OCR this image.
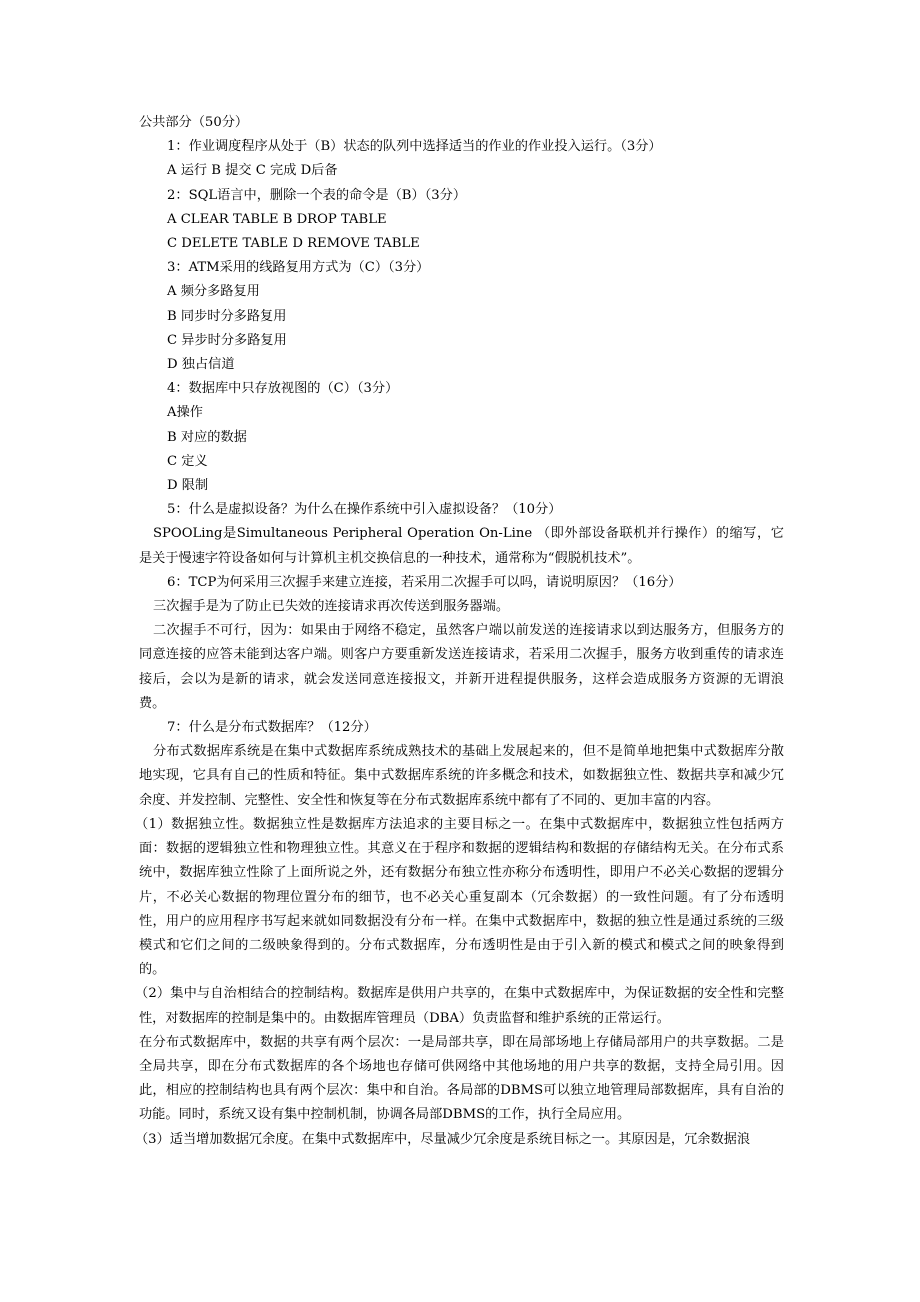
公共部分（50分）

1：作业调度程序从处于（B）状态的队列中选择适当的作业的作业投入运行。（3分）

A 运行 B 提交 C 完成 D后备

2：SQL语言中，删除一个表的命令是（B）（3分）

A CLEAR TABLE B DROP TABLE

C DELETE TABLE D REMOVE TABLE

3：ATM采用的线路复用方式为（C）（3分）

A 频分多路复用

B 同步时分多路复用

C 异步时分多路复用

D 独占信道

4：数据库中只存放视图的（C）（3分）

A操作

B 对应的数据

C 定义

D 限制

5：什么是虚拟设备？为什么在操作系统中引入虚拟设备？（10分）

SPOOLing是Simultaneous Peripheral Operation On-Line （即外部设备联机并行操作）的缩写，它是关于慢速字符设备如何与计算机主机交换信息的一种技术，通常称为“假脱机技术”。

6：TCP为何采用三次握手来建立连接，若采用二次握手可以吗，请说明原因？（16分）

三次握手是为了防止已失效的连接请求再次传送到服务器端。

二次握手不可行，因为：如果由于网络不稳定，虽然客户端以前发送的连接请求以到达服务方，但服务方的同意连接的应答未能到达客户端。则客户方要重新发送连接请求，若采用二次握手，服务方收到重传的请求连接后，会以为是新的请求，就会发送同意连接报文，并新开进程提供服务，这样会造成服务方资源的无谓浪费。

7：什么是分布式数据库？（12分）

分布式数据库系统是在集中式数据库系统成熟技术的基础上发展起来的，但不是简单地把集中式数据库分散地实现，它具有自己的性质和特征。集中式数据库系统的许多概念和技术，如数据独立性、数据共享和减少冗余度、并发控制、完整性、安全性和恢复等在分布式数据库系统中都有了不同的、更加丰富的内容。

（1）数据独立性。数据独立性是数据库方法追求的主要目标之一。在集中式数据库中，数据独立性包括两方面：数据的逻辑独立性和物理独立性。其意义在于程序和数据的逻辑结构和数据的存储结构无关。在分布式系统中，数据库独立性除了上面所说之外，还有数据分布独立性亦称分布透明性，即用户不必关心数据的逻辑分片，不必关心数据的物理位置分布的细节，也不必关心重复副本（冗余数据）的一致性问题。有了分布透明性，用户的应用程序书写起来就如同数据没有分布一样。在集中式数据库中，数据的独立性是通过系统的三级模式和它们之间的二级映象得到的。分布式数据库，分布透明性是由于引入新的模式和模式之间的映象得到的。

（2）集中与自治相结合的控制结构。数据库是供用户共享的，在集中式数据库中，为保证数据的安全性和完整性，对数据库的控制是集中的。由数据库管理员（DBA）负责监督和维护系统的正常运行。

在分布式数据库中，数据的共享有两个层次：一是局部共享，即在局部场地上存储局部用户的共享数据。二是全局共享，即在分布式数据库的各个场地也存储可供网络中其他场地的用户共享的数据，支持全局引用。因此，相应的控制结构也具有两个层次：集中和自治。各局部的DBMS可以独立地管理局部数据库，具有自治的功能。同时，系统又设有集中控制机制，协调各局部DBMS的工作，执行全局应用。

（3）适当增加数据冗余度。在集中式数据库中，尽量减少冗余度是系统目标之一。其原因是，冗余数据浪
